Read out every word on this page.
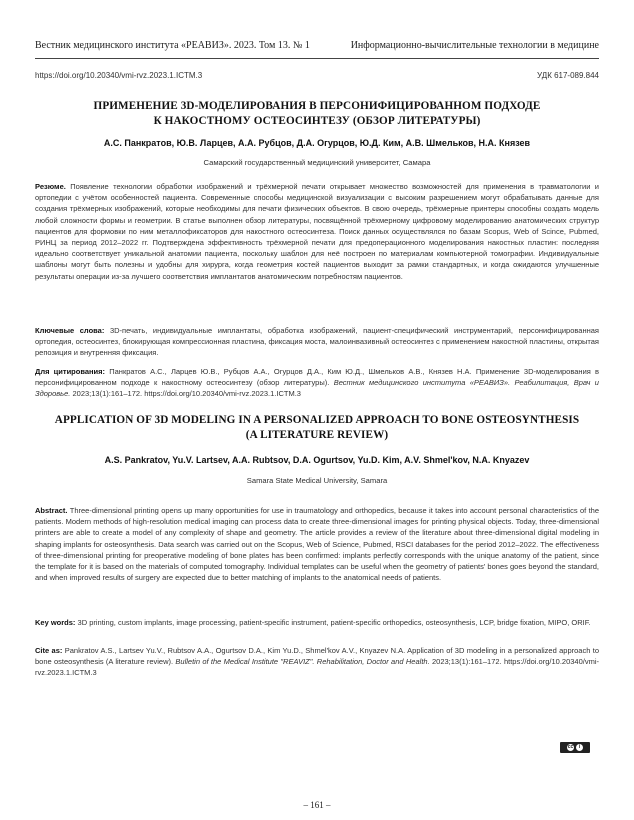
Вестник медицинского института «РЕАВИЗ». 2023. Том 13. № 1	Информационно-вычислительные технологии в медицине
https://doi.org/10.20340/vmi-rvz.2023.1.ICTM.3	УДК 617-089.844
ПРИМЕНЕНИЕ 3D-МОДЕЛИРОВАНИЯ В ПЕРСОНИФИЦИРОВАННОМ ПОДХОДЕ
К НАКОСТНОМУ ОСТЕОСИНТЕЗУ (ОБЗОР ЛИТЕРАТУРЫ)
А.С. Панкратов, Ю.В. Ларцев, А.А. Рубцов, Д.А. Огурцов, Ю.Д. Ким, А.В. Шмельков, Н.А. Князев
Самарский государственный медицинский университет, Самара
Резюме. Появление технологии обработки изображений и трёхмерной печати открывает множество возможностей для применения в травматологии и ортопедии с учётом особенностей пациента. Современные способы медицинской визуализации с высоким разрешением могут обрабатывать данные для создания трёхмерных изображений, которые необходимы для печати физических объектов. В свою очередь, трёхмерные принтеры способны создать модель любой сложности формы и геометрии. В статье выполнен обзор литературы, посвящённой трёхмерному цифровому моделированию анатомических структур пациентов для формовки по ним металлофиксаторов для накостного остеосинтеза. Поиск данных осуществлялся по базам Scopus, Web of Scince, Pubmed, РИНЦ за период 2012–2022 гг. Подтверждена эффективность трёхмерной печати для предоперационного моделирования накостных пластин: последняя идеально соответствует уникальной анатомии пациента, поскольку шаблон для неё построен по материалам компьютерной томографии. Индивидуальные шаблоны могут быть полезны и удобны для хирурга, когда геометрия костей пациентов выходит за рамки стандартных, и когда ожидаются улучшенные результаты операции из-за лучшего соответствия имплантатов анатомическим потребностям пациентов.
Ключевые слова: 3D-печать, индивидуальные имплантаты, обработка изображений, пациент-специфический инструментарий, персонифицированная ортопедия, остеосинтез, блокирующая компрессионная пластина, фиксация моста, малоинвазивный остеосинтез с применением накостной пластины, открытая репозиция и внутренняя фиксация.
Для цитирования: Панкратов А.С., Ларцев Ю.В., Рубцов А.А., Огурцов Д.А., Ким Ю.Д., Шмельков А.В., Князев Н.А. Применение 3D-моделирования в персонифицированном подходе к накостному остеосинтезу (обзор литературы). Вестник медицинского института «РЕАВИЗ». Реабилитация, Врач и Здоровье. 2023;13(1):161–172. https://doi.org/10.20340/vmi-rvz.2023.1.ICTM.3
APPLICATION OF 3D MODELING IN A PERSONALIZED APPROACH TO BONE OSTEOSYNTHESIS
(A LITERATURE REVIEW)
A.S. Pankratov, Yu.V. Lartsev, A.A. Rubtsov, D.A. Ogurtsov, Yu.D. Kim, A.V. Shmel'kov, N.A. Knyazev
Samara State Medical University, Samara
Abstract. Three-dimensional printing opens up many opportunities for use in traumatology and orthopedics, because it takes into account personal characteristics of the patients. Modern methods of high-resolution medical imaging can process data to create three-dimensional images for printing physical objects. Today, three-dimensional printers are able to create a model of any complexity of shape and geometry. The article provides a review of the literature about three-dimensional digital modeling in shaping implants for osteosynthesis. Data search was carried out on the Scopus, Web of Science, Pubmed, RSCI databases for the period 2012–2022. The effectiveness of three-dimensional printing for preoperative modeling of bone plates has been confirmed: implants perfectly corresponds with the unique anatomy of the patient, since the template for it is based on the materials of computed tomography. Individual templates can be useful when the geometry of patients' bones goes beyond the standard, and when improved results of surgery are expected due to better matching of implants to the anatomical needs of patients.
Key words: 3D printing, custom implants, image processing, patient-specific instrument, patient-specific orthopedics, osteosynthesis, LCP, bridge fixation, MIPO, ORIF.
Cite as: Pankratov A.S., Lartsev Yu.V., Rubtsov A.A., Ogurtsov D.A., Kim Yu.D., Shmel'kov A.V., Knyazev N.A. Application of 3D modeling in a personalized approach to bone osteosynthesis (A literature review). Bulletin of the Medical Institute "REAVIZ". Rehabilitation, Doctor and Health. 2023;13(1):161–172. https://doi.org/10.20340/vmi-rvz.2023.1.ICTM.3
cc	i
– 161 –
